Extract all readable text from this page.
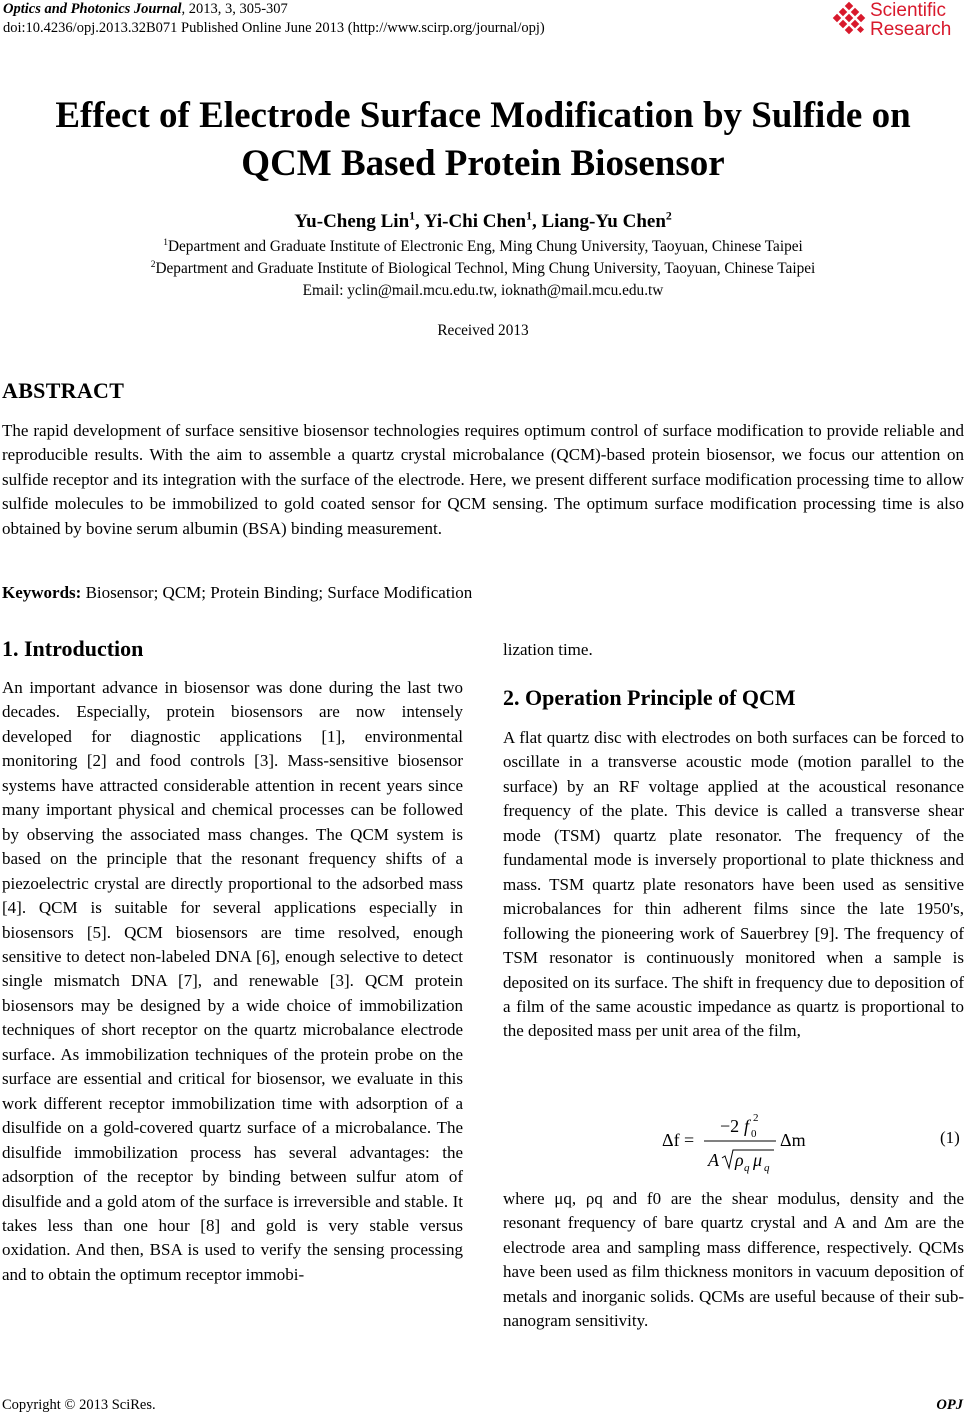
Optics and Photonics Journal, 2013, 3, 305-307
doi:10.4236/opj.2013.32B071 Published Online June 2013 (http://www.scirp.org/journal/opj)
Scientific
Research
Effect of Electrode Surface Modification by Sulfide on
QCM Based Protein Biosensor
Yu-Cheng Lin$^1$, Yi-Chi Chen$^1$, Liang-Yu Chen$^2$
$^1$Department and Graduate Institute of Electronic Eng, Ming Chung University, Taoyuan, Chinese Taipei
$^2$Department and Graduate Institute of Biological Technol, Ming Chung University, Taoyuan, Chinese Taipei
Email: yclin@mail.mcu.edu.tw, ioknath@mail.mcu.edu.tw
Received 2013
ABSTRACT
The rapid development of surface sensitive biosensor technologies requires optimum control of surface modification to provide reliable and reproducible results. With the aim to assemble a quartz crystal microbalance (QCM)-based protein biosensor, we focus our attention on sulfide receptor and its integration with the surface of the electrode. Here, we present different surface modification processing time to allow sulfide molecules to be immobilized to gold coated sensor for QCM sensing. The optimum surface modification processing time is also obtained by bovine serum albumin (BSA) binding measurement.
Keywords: Biosensor; QCM; Protein Binding; Surface Modification
1. Introduction

An important advance in biosensor was done during the last two decades. Especially, protein biosensors are now intensely developed for diagnostic applications [1], environmental monitoring [2] and food controls [3]. Mass-sensitive biosensor systems have attracted considerable attention in recent years since many important physical and chemical processes can be followed by observing the associated mass changes. The QCM system is based on the principle that the resonant frequency shifts of a piezoelectric crystal are directly proportional to the adsorbed mass [4]. QCM is suitable for several applications especially in biosensors [5]. QCM biosensors are time resolved, enough sensitive to detect non-labeled DNA [6], enough selective to detect single mismatch DNA [7], and renewable [3]. QCM protein biosensors may be designed by a wide choice of immobilization techniques of short receptor on the quartz microbalance electrode surface. As immobilization techniques of the protein probe on the surface are essential and critical for biosensor, we evaluate in this work different receptor immobilization time with adsorption of a disulfide on a gold-covered quartz surface of a microbalance. The disulfide immobilization process has several advantages: the adsorption of the receptor by binding between sulfur atom of disulfide and a gold atom of the surface is irreversible and stable. It takes less than one hour [8] and gold is very stable versus oxidation. And then, BSA is used to verify the sensing processing and to obtain the optimum receptor immobi-

lization time.

2. Operation Principle of QCM

A flat quartz disc with electrodes on both surfaces can be forced to oscillate in a transverse acoustic mode (motion parallel to the surface) by an RF voltage applied at the acoustical resonance frequency of the plate. This device is called a transverse shear mode (TSM) quartz plate resonator. The frequency of the fundamental mode is inversely proportional to plate thickness and mass. TSM quartz plate resonators have been used as sensitive microbalances for thin adherent films since the late 1950's, following the pioneering work of Sauerbrey [9]. The frequency of TSM resonator is continuously monitored when a sample is deposited on its surface. The shift in frequency due to deposition of a film of the same acoustic impedance as quartz is proportional to the deposited mass per unit area of the film,

Δf =
−2 f 2
0 Δm
A ρ q μ q
(1)

where μq, ρq and f0 are the shear modulus, density and the resonant frequency of bare quartz crystal and A and Δm are the electrode area and sampling mass difference, respectively. QCMs have been used as film thickness monitors in vacuum deposition of metals and inorganic solids. QCMs are useful because of their sub-nanogram sensitivity.

Copyright © 2013 SciRes.	OPJ
